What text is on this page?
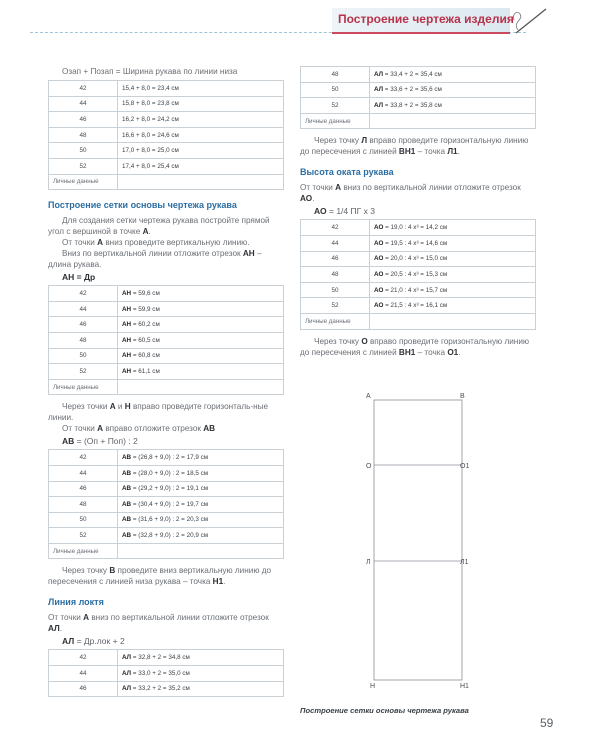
Построение чертежа изделия

Озап + Позап = Ширина рукава по линии низа

42	15,4 + 8,0 = 23,4 см
44	15,8 + 8,0 = 23,8 см
46	16,2 + 8,0 = 24,2 см
48	16,6 + 8,0 = 24,6 см
50	17,0 + 8,0 = 25,0 см
52	17,4 + 8,0 = 25,4 см
Личные данные	
Построение сетки основы чертежа рукава

Для создания сетки чертежа рукава постройте прямой угол с вершиной в точке А.

От точки А вниз проведите вертикальную линию.

Вниз по вертикальной линии отложите отрезок АН – длина рукава.

АН = Др
42	АН = 59,6 см
44	АН = 59,9 см
46	АН = 60,2 см
48	АН = 60,5 см
50	АН = 60,8 см
52	АН = 61,1 см
Личные данные	

Через точки А и Н вправо проведите горизонталь-ные линии.

От точки А вправо отложите отрезок АВ

АВ = (Оп + Поп) : 2
42	АВ = (26,8 + 9,0) : 2 = 17,9 см
44	АВ = (28,0 + 9,0) : 2 = 18,5 см
46	АВ = (29,2 + 9,0) : 2 = 19,1 см
48	АВ = (30,4 + 9,0) : 2 = 19,7 см
50	АВ = (31,6 + 9,0) : 2 = 20,3 см
52	АВ = (32,8 + 9,0) : 2 = 20,9 см
Личные данные	

Через точку В проведите вниз вертикальную линию до пересечения с линией низа рукава – точка Н1.

Линия локтя

От точки А вниз по вертикальной линии отложите отрезок АЛ.

АЛ = Др.лок + 2
42	АЛ = 32,8 + 2 = 34,8 см
44	АЛ = 33,0 + 2 = 35,0 см
46	АЛ = 33,2 + 2 = 35,2 см
48	АЛ = 33,4 + 2 = 35,4 см
50	АЛ = 33,6 + 2 = 35,6 см
52	АЛ = 33,8 + 2 = 35,8 см
Личные данные	

Через точку Л вправо проведите горизонтальную линию до пересечения с линией ВН1 – точка Л1.

Высота оката рукава

От точки А вниз по вертикальной линии отложите отрезок АО.

АО = 1/4 ПГ х 3
42	АО = 19,0 : 4 х³ = 14,2 см
44	АО = 19,5 : 4 х³ = 14,6 см
46	АО = 20,0 : 4 х³ = 15,0 см
48	АО = 20,5 : 4 х³ = 15,3 см
50	АО = 21,0 : 4 х³ = 15,7 см
52	АО = 21,5 : 4 х³ = 16,1 см
Личные данные	

Через точку О вправо проведите горизонтальную линию до пересечения с линией ВН1 – точка О1.

А	В
О	О1
Л	Л1
Н	Н1
Построение сетки основы чертежа рукава
59
